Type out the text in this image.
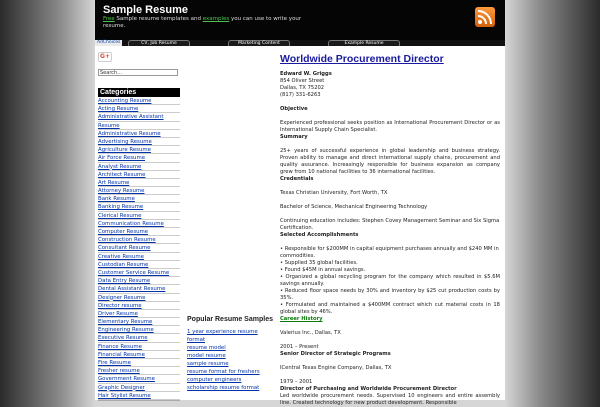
Sample Resume
Free Sample resume templates and examples you can use to write your resume.
AdChoices	CV, Job Resume	Marketing Content	Example Resume
G+
Search...
Categories
Accounting Resume
Acting Resume
Administrative Assistant
Resume
Administrative Resume
Advertising Resume
Agriculture Resume
Air Force Resume
Analyst Resume
Architect Resume
Art Resume
Attorney Resume
Bank Resume
Banking Resume
Clerical Resume
Communication Resume
Computer Resume
Construction Resume
Consultant Resume
Creative Resume
Custodian Resume
Customer Service Resume
Data Entry Resume
Dental Assistant Resume
Designer Resume
Director resume
Driver Resume
Elementary Resume
Engineering Resume
Executive Resume
Finance Resume
Financial Resume
Fire Resume
Fresher resume
Government Resume
Graphic Designer
Hair Stylist Resume
Popular Resume Samples
1 year experience resume
format
resume model
model resume
sample resume
resume format for freshers
computer engineers
scholarship resume format
Worldwide Procurement Director

Edward W. Griggs

854 Oliver Street

Dallas, TX 75202

(817) 331-6263

Objective

Experienced professional seeks position as International Procurement Director or as International Supply Chain Specialist.

Summary

25+ years of successful experience in global leadership and business strategy. Proven ability to manage and direct international supply chains, procurement and quality assurance. Increasingly responsible for business expansion as company grew from 10 national facilities to 36 international facilities.

Credentials

Texas Christian University, Fort Worth, TX

Bachelor of Science, Mechanical Engineering Technology

Continuing education includes: Stephen Covey Management Seminar and Six Sigma Certification.

Selected Accomplishments

• Responsible for $200MM in capital equipment purchases annually and $240 MM in commodities.

• Supplied 35 global facilities.

• Found $45M in annual savings.

• Organized a global recycling program for the company which resulted in $5.6M savings annually.

• Reduced floor space needs by 30% and inventory by $25 cut production costs by 35%.

• Formulated and maintained a $400MM contract which cut material costs in 18 global sites by 46%.

Career History

Valerius Inc., Dallas, TX

2001 – Present

Senior Director of Strategic Programs

ICentral Texas Engine Company, Dallas, TX

1979 – 2001

Director of Purchasing and Worldwide Procurement Director

Led worldwide procurement needs. Supervised 10 engineers and entire assembly line. Created technology for new product development. Responsible
